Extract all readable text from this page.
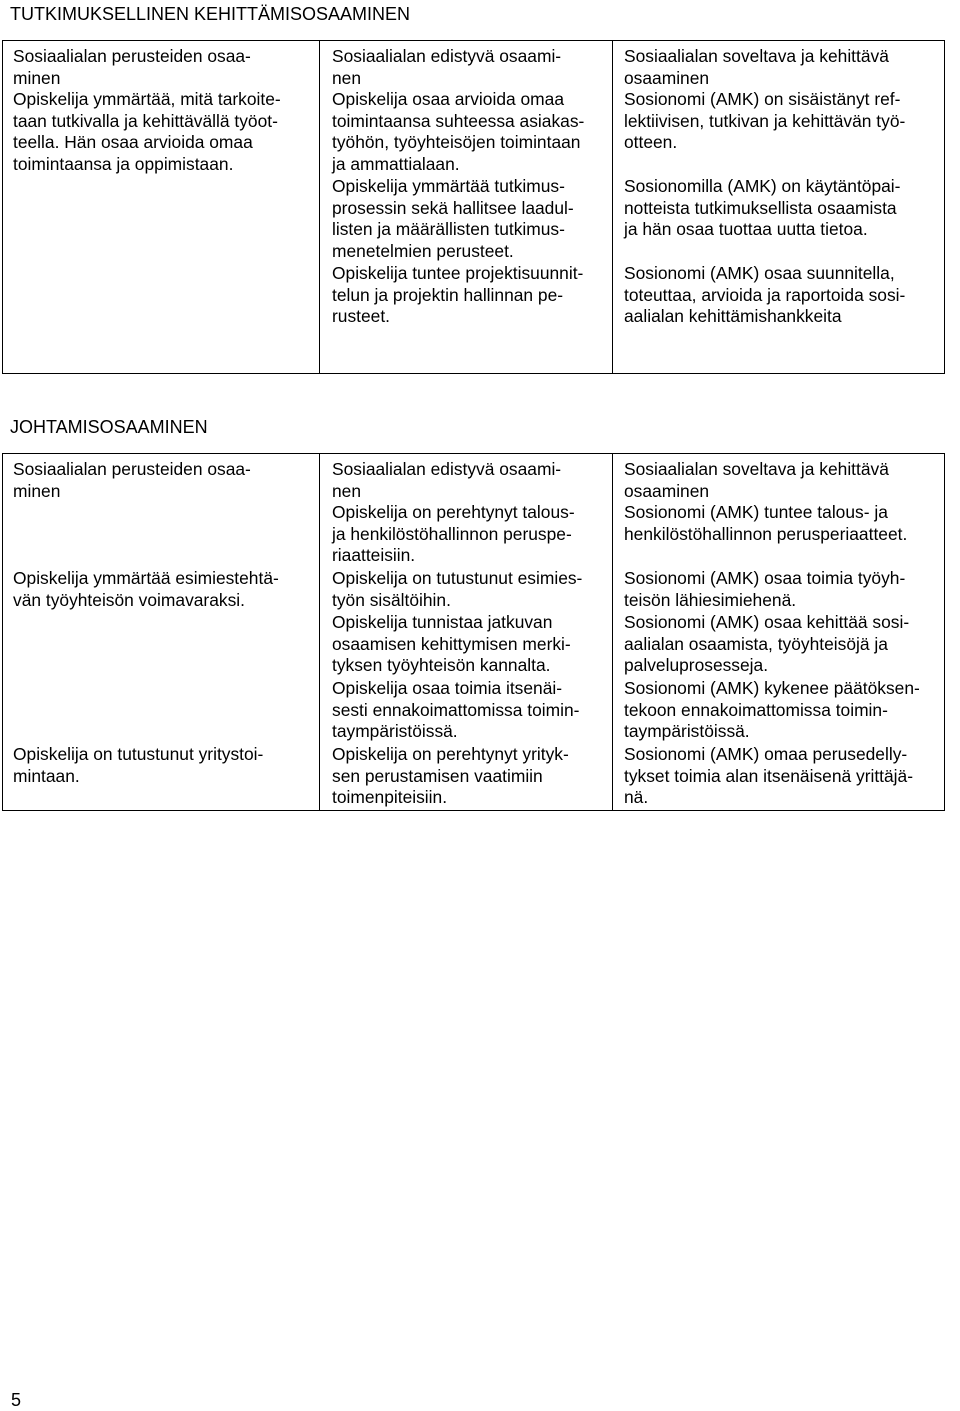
TUTKIMUKSELLINEN KEHITTÄMISOSAAMINEN
Sosiaalialan perusteiden osaa-
minen
Opiskelija ymmärtää, mitä tarkoite-
taan tutkivalla ja kehittävällä työot-
teella. Hän osaa arvioida omaa
toimintaansa ja oppimistaan.
Sosiaalialan edistyvä osaami-
nen
Opiskelija osaa arvioida omaa
toimintaansa suhteessa asiakas-
työhön, työyhteisöjen toimintaan
ja ammattialaan.
Opiskelija ymmärtää tutkimus-
prosessin sekä hallitsee laadul-
listen ja määrällisten tutkimus-
menetelmien perusteet.
Opiskelija tuntee projektisuunnit-
telun ja projektin hallinnan pe-
rusteet.
Sosiaalialan soveltava ja kehittävä
osaaminen
Sosionomi (AMK) on sisäistänyt ref-
lektiivisen, tutkivan ja kehittävän työ-
otteen.
Sosionomilla (AMK) on käytäntöpai-
notteista tutkimuksellista osaamista
ja hän osaa tuottaa uutta tietoa.
Sosionomi (AMK) osaa suunnitella,
toteuttaa, arvioida ja raportoida sosi-
aalialan kehittämishankkeita
JOHTAMISOSAAMINEN
Sosiaalialan perusteiden osaa-
minen
Opiskelija ymmärtää esimiestehtä-
vän työyhteisön voimavaraksi.
Opiskelija on tutustunut yritystoi-
mintaan.
Sosiaalialan edistyvä osaami-
nen
Opiskelija on perehtynyt talous-
ja henkilöstöhallinnon peruspe-
riaatteisiin.
Opiskelija on tutustunut esimies-
työn sisältöihin.
Opiskelija tunnistaa jatkuvan
osaamisen kehittymisen merki-
tyksen työyhteisön kannalta.
Opiskelija osaa toimia itsenäi-
sesti ennakoimattomissa toimin-
taympäristöissä.
Opiskelija on perehtynyt yrityk-
sen perustamisen vaatimiin
toimenpiteisiin.
Sosiaalialan soveltava ja kehittävä
osaaminen
Sosionomi (AMK) tuntee talous- ja
henkilöstöhallinnon perusperiaatteet.
Sosionomi (AMK) osaa toimia työyh-
teisön lähiesimiehenä.
Sosionomi (AMK) osaa kehittää sosi-
aalialan osaamista, työyhteisöjä ja
palveluprosesseja.
Sosionomi (AMK) kykenee päätöksen-
tekoon ennakoimattomissa toimin-
taympäristöissä.
Sosionomi (AMK) omaa perusedelly-
tykset toimia alan itsenäisenä yrittäjä-
nä.
5
